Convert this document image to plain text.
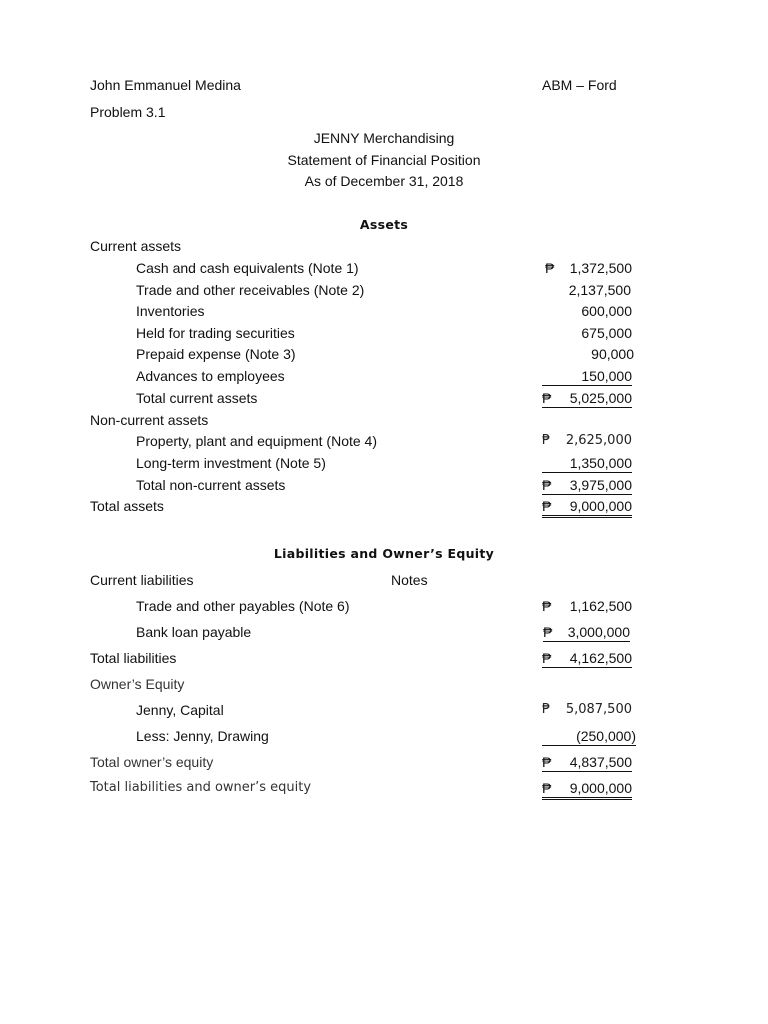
John Emmanuel Medina	ABM – Ford
Problem 3.1
JENNY Merchandising
Statement of Financial Position
As of December 31, 2018
Assets
Current assets
Cash and cash equivalents (Note 1)	₱ 1,372,500
Trade and other receivables (Note 2)	2,137,500
Inventories	600,000
Held for trading securities	675,000
Prepaid expense (Note 3)	90,000
Advances to employees	150,000
Total current assets	₱ 5,025,000
Non-current assets
Property, plant and equipment (Note 4)	₱ 2,625,000
Long-term investment (Note 5)	1,350,000
Total non-current assets	₱ 3,975,000
Total assets	₱ 9,000,000
Liabilities and Owner’s Equity
Current liabilities	Notes
Trade and other payables (Note 6)	₱ 1,162,500
Bank loan payable	₱ 3,000,000
Total liabilities	₱ 4,162,500
Owner’s Equity
Jenny, Capital	₱ 5,087,500
Less: Jenny, Drawing	(250,000)
Total owner’s equity	₱ 4,837,500
Total liabilities and owner’s equity	₱ 9,000,000
